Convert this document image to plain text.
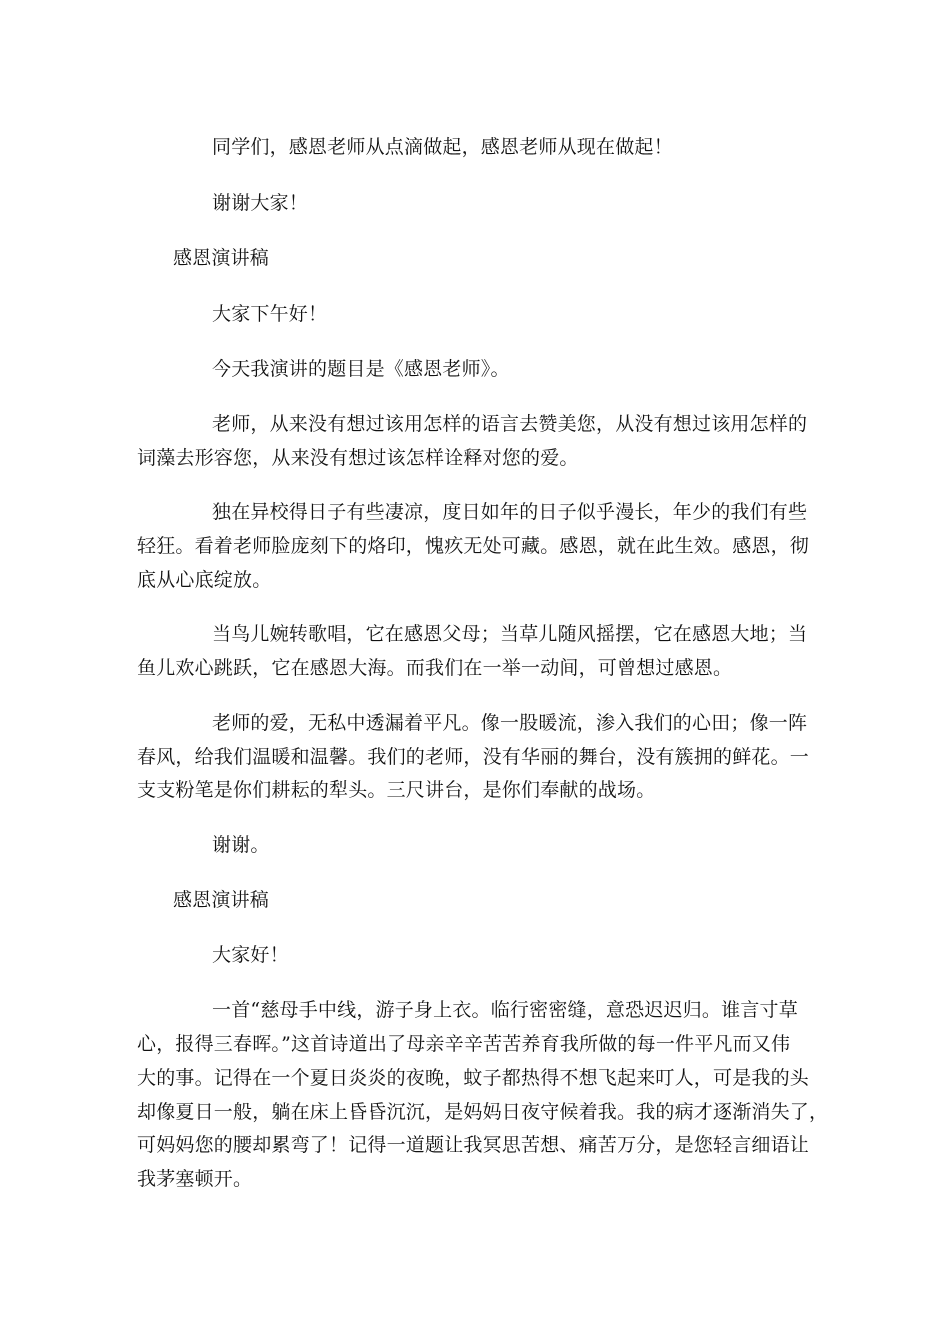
同学们，感恩老师从点滴做起，感恩老师从现在做起！

谢谢大家！

感恩演讲稿

大家下午好！

今天我演讲的题目是《感恩老师》。

老师，从来没有想过该用怎样的语言去赞美您，从没有想过该用怎样的

词藻去形容您，从来没有想过该怎样诠释对您的爱。

独在异校得日子有些凄凉，度日如年的日子似乎漫长，年少的我们有些

轻狂。看着老师脸庞刻下的烙印，愧疚无处可藏。感恩，就在此生效。感恩，彻

底从心底绽放。

当鸟儿婉转歌唱，它在感恩父母；当草儿随风摇摆，它在感恩大地；当

鱼儿欢心跳跃，它在感恩大海。而我们在一举一动间，可曾想过感恩。

老师的爱，无私中透漏着平凡。像一股暖流，渗入我们的心田；像一阵

春风，给我们温暖和温馨。我们的老师，没有华丽的舞台，没有簇拥的鲜花。一

支支粉笔是你们耕耘的犁头。三尺讲台，是你们奉献的战场。

谢谢。

感恩演讲稿

大家好！

一首“慈母手中线，游子身上衣。临行密密缝，意恐迟迟归。谁言寸草

心，报得三春晖。”这首诗道出了母亲辛辛苦苦养育我所做的每一件平凡而又伟

大的事。记得在一个夏日炎炎的夜晚，蚊子都热得不想飞起来叮人，可是我的头

却像夏日一般，躺在床上昏昏沉沉，是妈妈日夜守候着我。我的病才逐渐消失了，

可妈妈您的腰却累弯了！记得一道题让我冥思苦想、痛苦万分，是您轻言细语让

我茅塞顿开。
